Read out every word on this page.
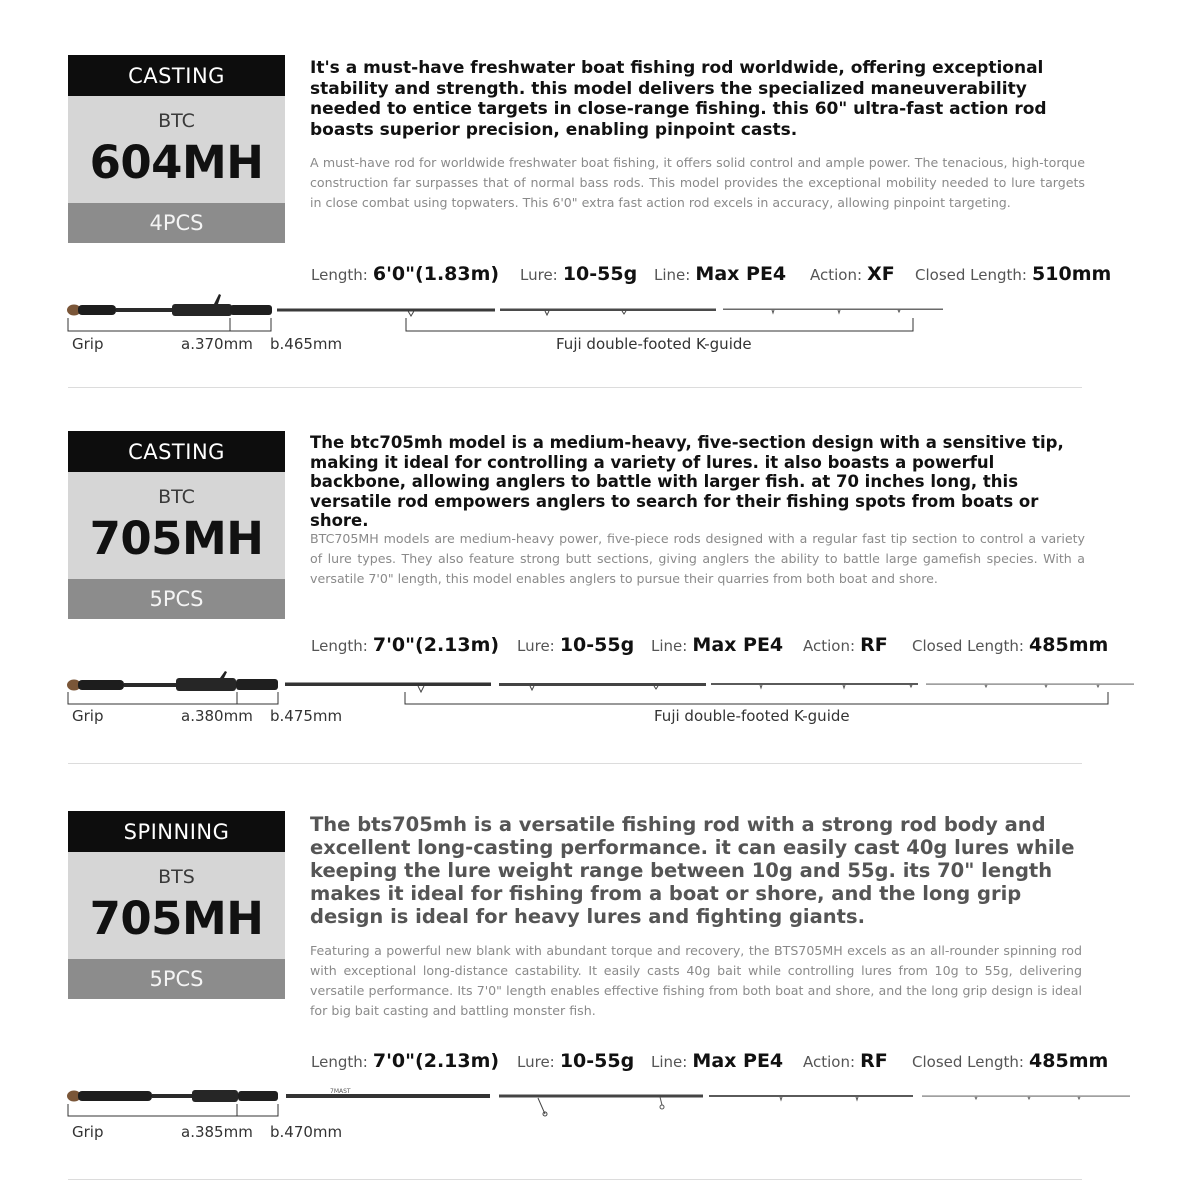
CASTING
BTC
604MH
4PCS
It's a must-have freshwater boat fishing rod worldwide, offering exceptional stability and strength. this model delivers the specialized maneuverability needed to entice targets in close-range fishing. this 60" ultra-fast action rod boasts superior precision, enabling pinpoint casts.
A must-have rod for worldwide freshwater boat fishing, it offers solid control and ample power. The tenacious, high-torque construction far surpasses that of normal bass rods. This model provides the exceptional mobility needed to lure targets in close combat using topwaters. This 6'0" extra fast action rod excels in accuracy, allowing pinpoint targeting.
Length: 6'0"(1.83m) Lure: 10-55g Line: Max PE4 Action: XF Closed Length: 510mm
Grip	a.370mm b.465mm	Fuji double-footed K-guide
CASTING
BTC
705MH
5PCS
The btc705mh model is a medium-heavy, five-section design with a sensitive tip, making it ideal for controlling a variety of lures. it also boasts a powerful backbone, allowing anglers to battle with larger fish. at 70 inches long, this versatile rod empowers anglers to search for their fishing spots from boats or shore.
BTC705MH models are medium-heavy power, five-piece rods designed with a regular fast tip section to control a variety of lure types. They also feature strong butt sections, giving anglers the ability to battle large gamefish species. With a versatile 7'0" length, this model enables anglers to pursue their quarries from both boat and shore.
Length: 7'0"(2.13m) Lure: 10-55g Line: Max PE4 Action: RF Closed Length: 485mm
Grip	a.380mm b.475mm	Fuji double-footed K-guide
SPINNING
BTS
705MH
5PCS
The bts705mh is a versatile fishing rod with a strong rod body and excellent long-casting performance. it can easily cast 40g lures while keeping the lure weight range between 10g and 55g. its 70" length makes it ideal for fishing from a boat or shore, and the long grip design is ideal for heavy lures and fighting giants.
Featuring a powerful new blank with abundant torque and recovery, the BTS705MH excels as an all-rounder spinning rod with exceptional long-distance castability. It easily casts 40g bait while controlling lures from 10g to 55g, delivering versatile performance. Its 7'0" length enables effective fishing from both boat and shore, and the long grip design is ideal for big bait casting and battling monster fish.
Length: 7'0"(2.13m) Lure: 10-55g Line: Max PE4 Action: RF Closed Length: 485mm
7MAST
Grip	a.385mm b.470mm
